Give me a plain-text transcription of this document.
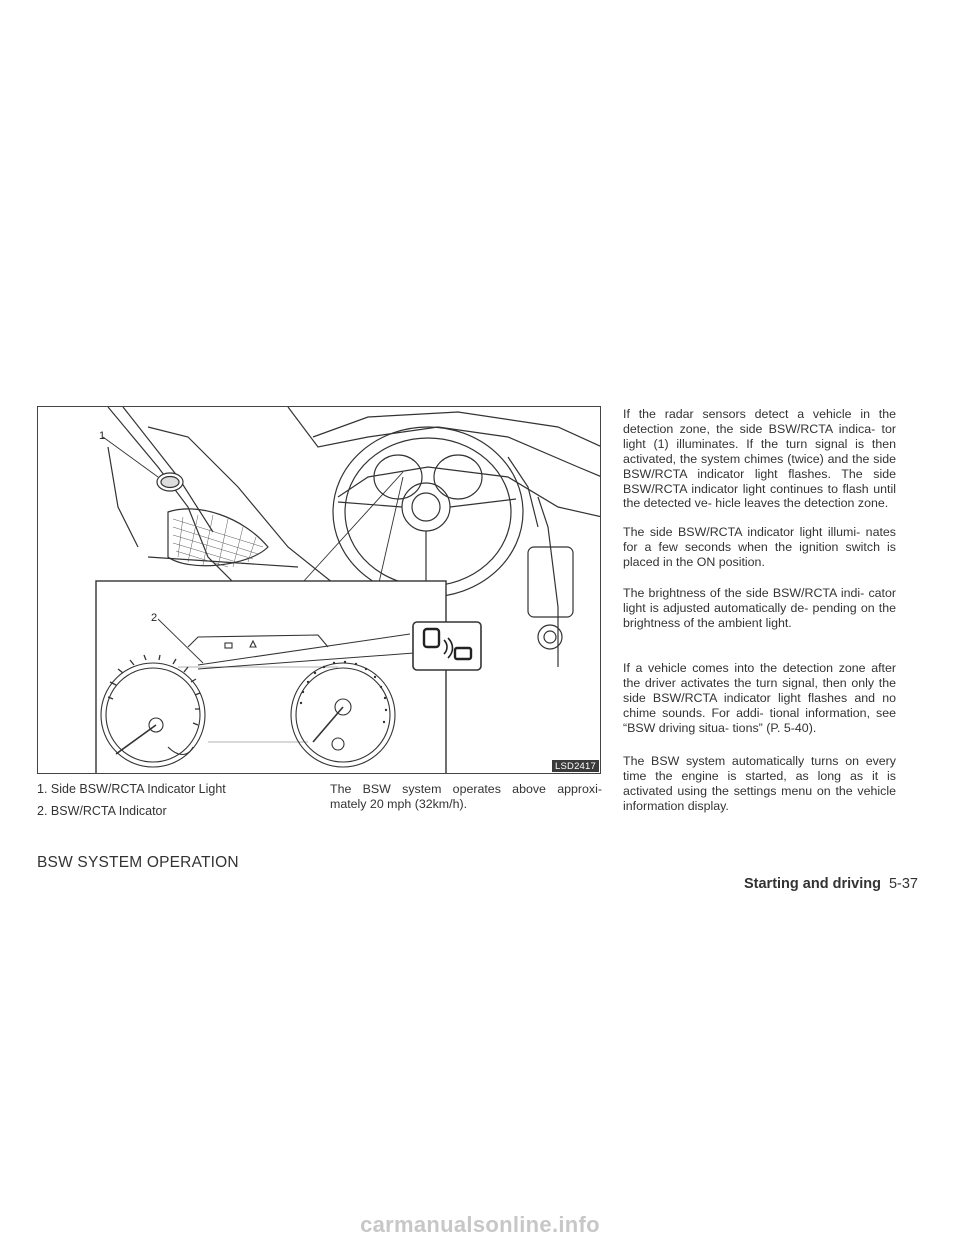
1
2
LSD2417
1. Side BSW/RCTA Indicator Light
2. BSW/RCTA Indicator

The BSW system operates above approxi- mately 20 mph (32km/h).

If the radar sensors detect a vehicle in the detection zone, the side BSW/RCTA indica- tor light (1) illuminates. If the turn signal is then activated, the system chimes (twice) and the side BSW/RCTA indicator light flashes. The side BSW/RCTA indicator light continues to flash until the detected ve- hicle leaves the detection zone.

The side BSW/RCTA indicator light illumi- nates for a few seconds when the ignition switch is placed in the ON position.

The brightness of the side BSW/RCTA indi- cator light is adjusted automatically de- pending on the brightness of the ambient light.

If a vehicle comes into the detection zone after the driver activates the turn signal, then only the side BSW/RCTA indicator light flashes and no chime sounds. For addi- tional information, see “BSW driving situa- tions” (P. 5-40).

The BSW system automatically turns on every time the engine is started, as long as it is activated using the settings menu on the vehicle information display.

BSW SYSTEM OPERATION
Starting and driving 5-37
carmanualsonline.info
